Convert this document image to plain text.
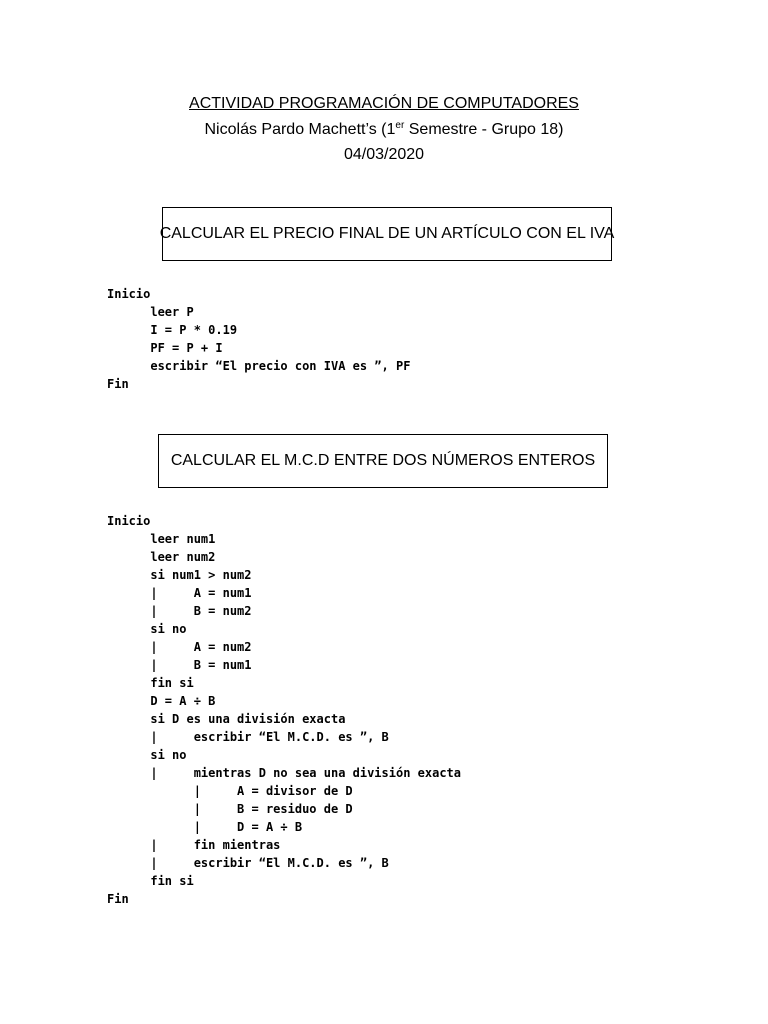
ACTIVIDAD PROGRAMACIÓN DE COMPUTADORES
Nicolás Pardo Machett’s (1er Semestre - Grupo 18)
04/03/2020
CALCULAR EL PRECIO FINAL DE UN ARTÍCULO CON EL IVA
Inicio
leer P
I = P * 0.19
PF = P + I
escribir “El precio con IVA es ”, PF
Fin
CALCULAR EL M.C.D ENTRE DOS NÚMEROS ENTEROS
Inicio
leer num1
leer num2
si num1 > num2
|     A = num1
|     B = num2
si no
|     A = num2
|     B = num1
fin si
D = A ÷ B
si D es una división exacta
|     escribir “El M.C.D. es ”, B
si no
|     mientras D no sea una división exacta
|     A = divisor de D
|     B = residuo de D
|     D = A ÷ B
|     fin mientras
|     escribir “El M.C.D. es ”, B
fin si
Fin
